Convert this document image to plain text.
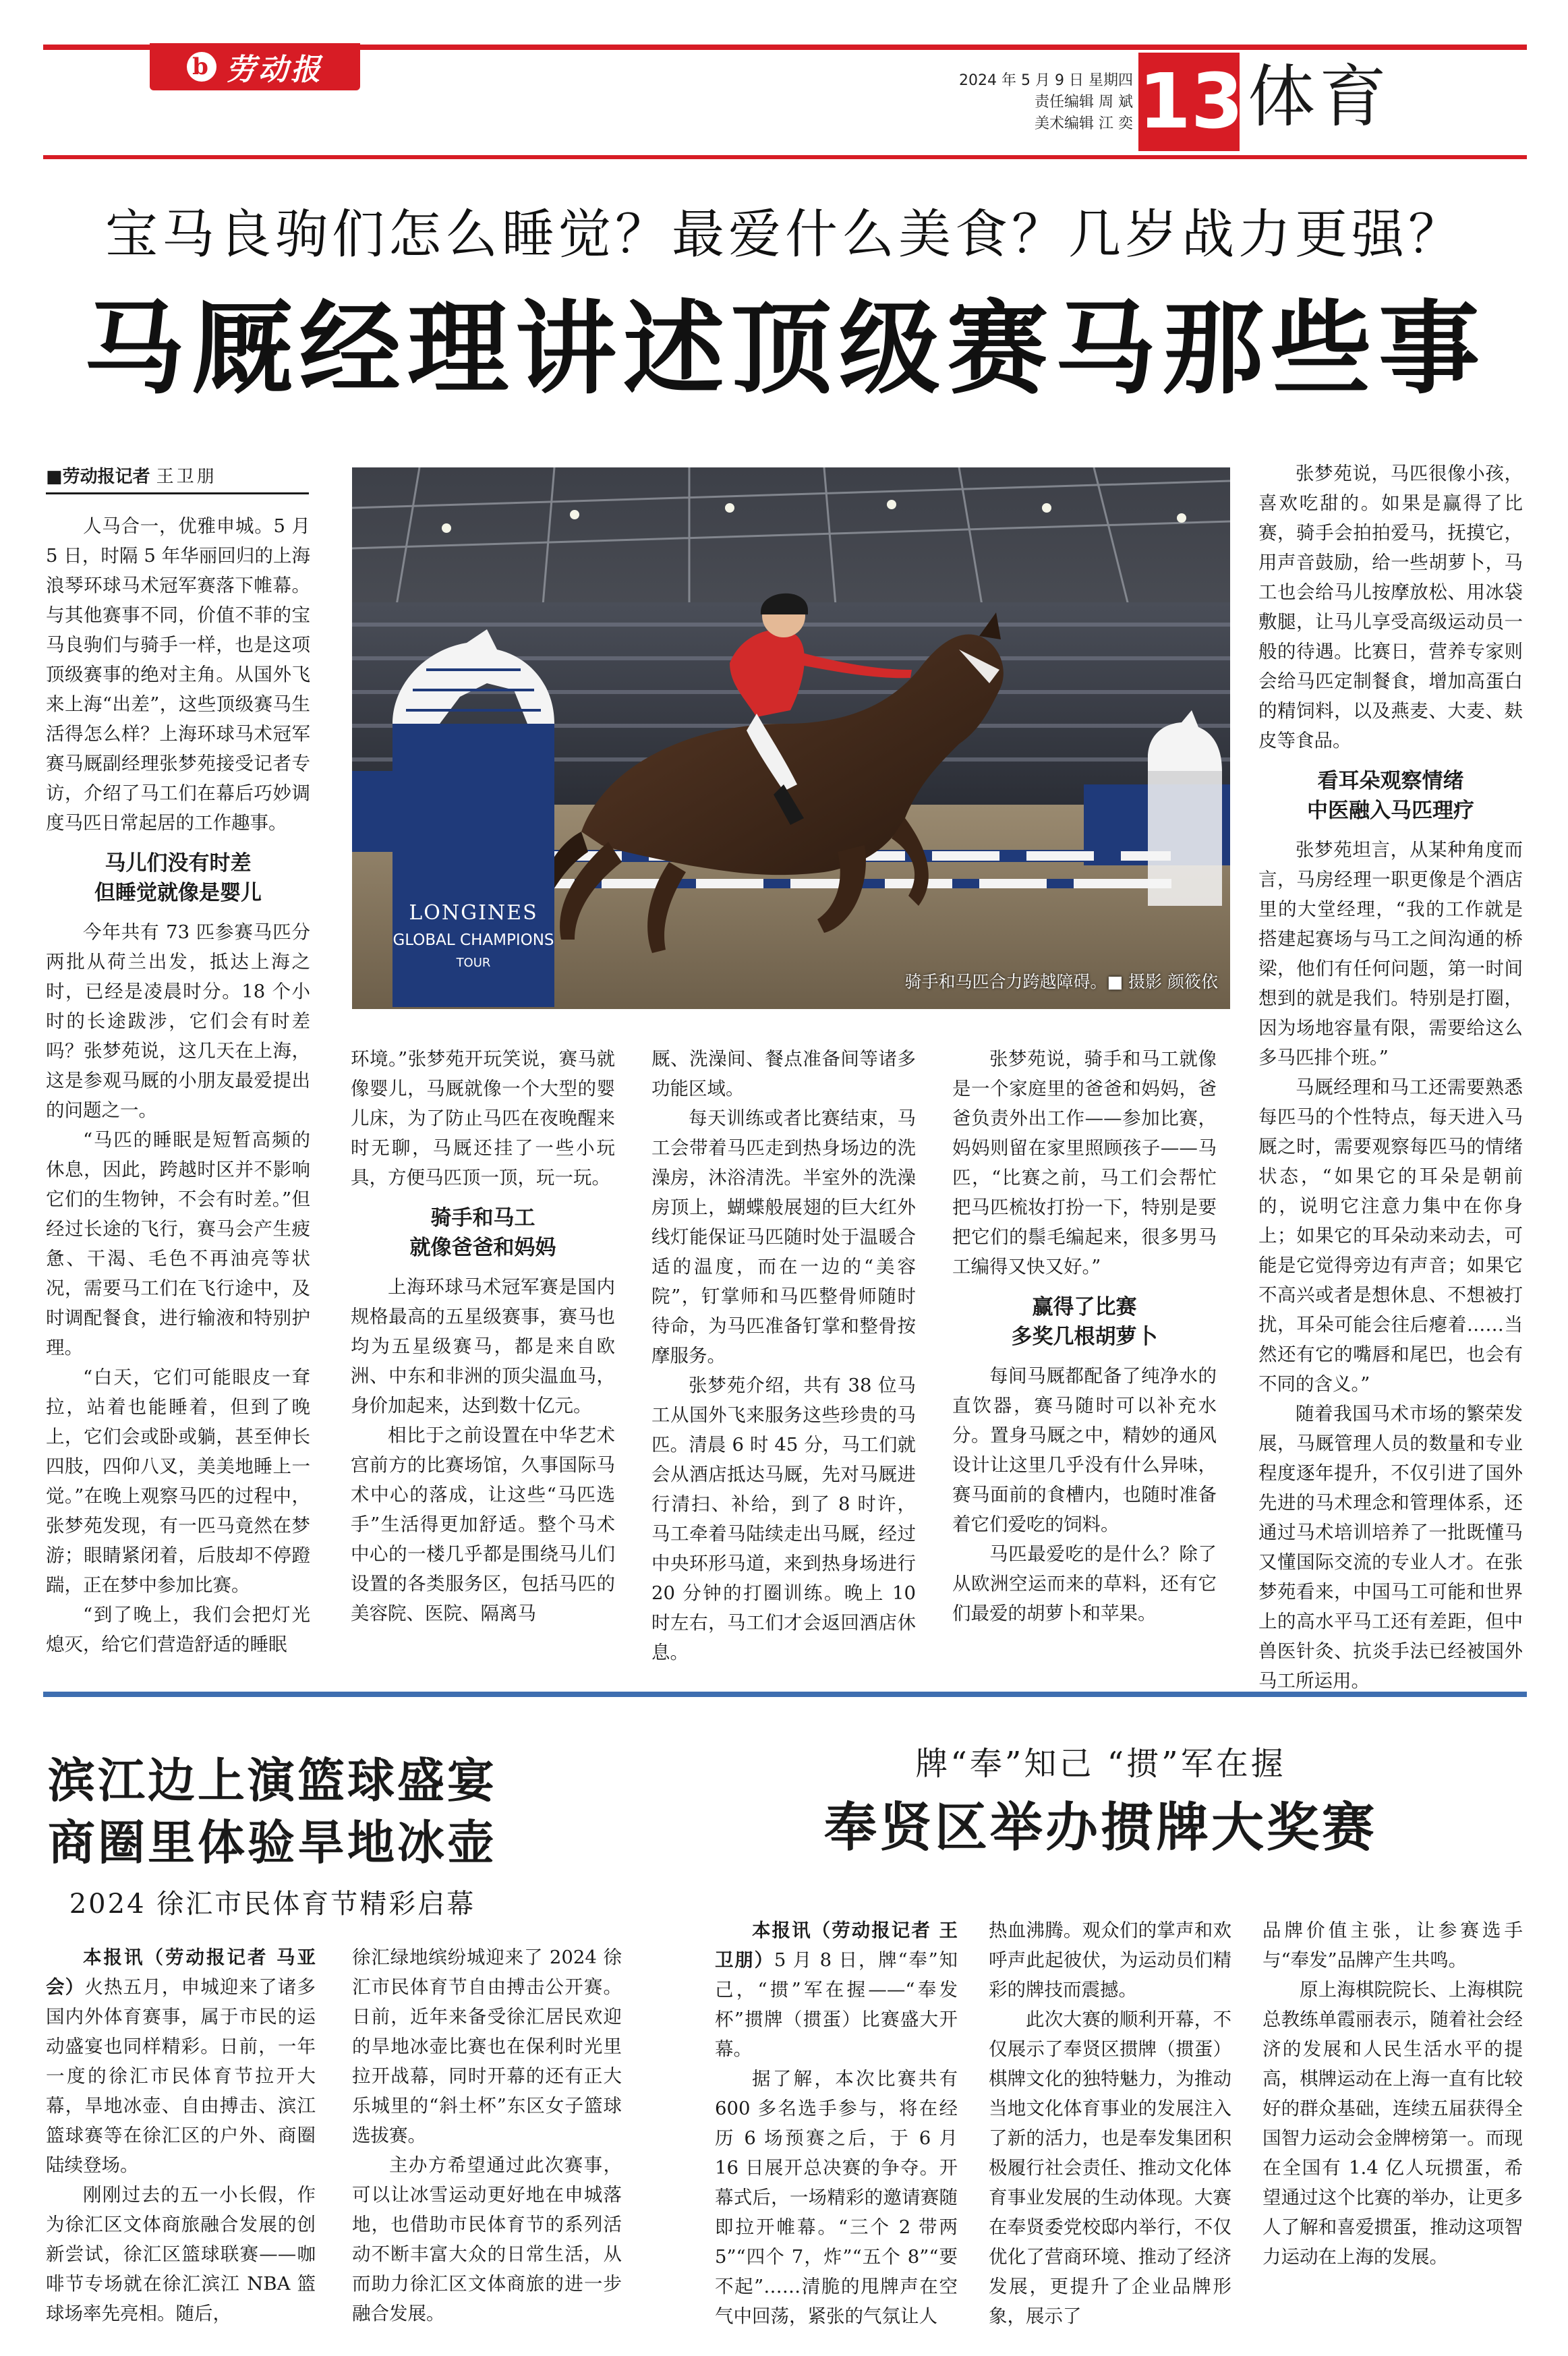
b 劳动报	2024 年 5 月 9 日 星期四
责任编辑 周 斌
美术编辑 江 奕 13 体育
宝马良驹们怎么睡觉？最爱什么美食？几岁战力更强？
马厩经理讲述顶级赛马那些事
■劳动报记者 王卫朋
LONGINES
GLOBAL CHAMPIONS
TOUR
骑手和马匹合力跨越障碍。■ 摄影 颜筱依

人马合一，优雅申城。5 月 5 日，时隔 5 年华丽回归的上海浪琴环球马术冠军赛落下帷幕。与其他赛事不同，价值不菲的宝马良驹们与骑手一样，也是这项顶级赛事的绝对主角。从国外飞来上海“出差”，这些顶级赛马生活得怎么样？上海环球马术冠军赛马厩副经理张梦苑接受记者专访，介绍了马工们在幕后巧妙调度马匹日常起居的工作趣事。

马儿们没有时差
但睡觉就像是婴儿

今年共有 73 匹参赛马匹分两批从荷兰出发，抵达上海之时，已经是凌晨时分。18 个小时的长途跋涉，它们会有时差吗？张梦苑说，这几天在上海，这是参观马厩的小朋友最爱提出的问题之一。

“马匹的睡眠是短暂高频的休息，因此，跨越时区并不影响它们的生物钟，不会有时差。”但经过长途的飞行，赛马会产生疲惫、干渴、毛色不再油亮等状况，需要马工们在飞行途中，及时调配餐食，进行输液和特别护理。

“白天，它们可能眼皮一耷拉，站着也能睡着，但到了晚上，它们会或卧或躺，甚至伸长四肢，四仰八叉，美美地睡上一觉。”在晚上观察马匹的过程中，张梦苑发现，有一匹马竟然在梦游；眼睛紧闭着，后肢却不停蹬踹，正在梦中参加比赛。

“到了晚上，我们会把灯光熄灭，给它们营造舒适的睡眠

环境。”张梦苑开玩笑说，赛马就像婴儿，马厩就像一个大型的婴儿床，为了防止马匹在夜晚醒来时无聊，马厩还挂了一些小玩具，方便马匹顶一顶，玩一玩。

骑手和马工
就像爸爸和妈妈

上海环球马术冠军赛是国内规格最高的五星级赛事，赛马也均为五星级赛马，都是来自欧洲、中东和非洲的顶尖温血马，身价加起来，达到数十亿元。

相比于之前设置在中华艺术宫前方的比赛场馆，久事国际马术中心的落成，让这些“马匹选手”生活得更加舒适。整个马术中心的一楼几乎都是围绕马儿们设置的各类服务区，包括马匹的美容院、医院、隔离马

厩、洗澡间、餐点准备间等诸多功能区域。

每天训练或者比赛结束，马工会带着马匹走到热身场边的洗澡房，沐浴清洗。半室外的洗澡房顶上，蝴蝶般展翅的巨大红外线灯能保证马匹随时处于温暖合适的温度，而在一边的“美容院”，钉掌师和马匹整骨师随时待命，为马匹准备钉掌和整骨按摩服务。

张梦苑介绍，共有 38 位马工从国外飞来服务这些珍贵的马匹。清晨 6 时 45 分，马工们就会从酒店抵达马厩，先对马厩进行清扫、补给，到了 8 时许，马工牵着马陆续走出马厩，经过中央环形马道，来到热身场进行 20 分钟的打圈训练。晚上 10 时左右，马工们才会返回酒店休息。

张梦苑说，骑手和马工就像是一个家庭里的爸爸和妈妈，爸爸负责外出工作——参加比赛，妈妈则留在家里照顾孩子——马匹，“比赛之前，马工们会帮忙把马匹梳妆打扮一下，特别是要把它们的鬃毛编起来，很多男马工编得又快又好。”

赢得了比赛
多奖几根胡萝卜

每间马厩都配备了纯净水的直饮器，赛马随时可以补充水分。置身马厩之中，精妙的通风设计让这里几乎没有什么异味，赛马面前的食槽内，也随时准备着它们爱吃的饲料。

马匹最爱吃的是什么？除了从欧洲空运而来的草料，还有它们最爱的胡萝卜和苹果。

张梦苑说，马匹很像小孩，喜欢吃甜的。如果是赢得了比赛，骑手会拍拍爱马，抚摸它，用声音鼓励，给一些胡萝卜，马工也会给马儿按摩放松、用冰袋敷腿，让马儿享受高级运动员一般的待遇。比赛日，营养专家则会给马匹定制餐食，增加高蛋白的精饲料，以及燕麦、大麦、麸皮等食品。

看耳朵观察情绪
中医融入马匹理疗

张梦苑坦言，从某种角度而言，马房经理一职更像是个酒店里的大堂经理，“我的工作就是搭建起赛场与马工之间沟通的桥梁，他们有任何问题，第一时间想到的就是我们。特别是打圈，因为场地容量有限，需要给这么多马匹排个班。”

马厩经理和马工还需要熟悉每匹马的个性特点，每天进入马厩之时，需要观察每匹马的情绪状态，“如果它的耳朵是朝前的，说明它注意力集中在你身上；如果它的耳朵动来动去，可能是它觉得旁边有声音；如果它不高兴或者是想休息、不想被打扰，耳朵可能会往后瘪着……当然还有它的嘴唇和尾巴，也会有不同的含义。”

随着我国马术市场的繁荣发展，马厩管理人员的数量和专业程度逐年提升，不仅引进了国外先进的马术理念和管理体系，还通过马术培训培养了一批既懂马又懂国际交流的专业人才。在张梦苑看来，中国马工可能和世界上的高水平马工还有差距，但中兽医针灸、抗炎手法已经被国外马工所运用。

滨江边上演篮球盛宴
商圈里体验旱地冰壶
2024 徐汇市民体育节精彩启幕

本报讯（劳动报记者 马亚会）火热五月，申城迎来了诸多国内外体育赛事，属于市民的运动盛宴也同样精彩。日前，一年一度的徐汇市民体育节拉开大幕，旱地冰壶、自由搏击、滨江篮球赛等在徐汇区的户外、商圈陆续登场。

刚刚过去的五一小长假，作为徐汇区文体商旅融合发展的创新尝试，徐汇区篮球联赛——咖啡节专场就在徐汇滨江 NBA 篮球场率先亮相。随后，

徐汇绿地缤纷城迎来了 2024 徐汇市民体育节自由搏击公开赛。日前，近年来备受徐汇居民欢迎的旱地冰壶比赛也在保利时光里拉开战幕，同时开幕的还有正大乐城里的“斜土杯”东区女子篮球选拔赛。

主办方希望通过此次赛事，可以让冰雪运动更好地在申城落地，也借助市民体育节的系列活动不断丰富大众的日常生活，从而助力徐汇区文体商旅的进一步融合发展。

牌“奉”知己 “掼”军在握
奉贤区举办掼牌大奖赛

本报讯（劳动报记者 王卫朋）5 月 8 日，牌“奉”知己，“掼”军在握——“奉发杯”掼牌（掼蛋）比赛盛大开幕。

据了解，本次比赛共有 600 多名选手参与，将在经历 6 场预赛之后，于 6 月 16 日展开总决赛的争夺。开幕式后，一场精彩的邀请赛随即拉开帷幕。“三个 2 带两 5”“四个 7，炸”“五个 8”“要不起”……清脆的甩牌声在空气中回荡，紧张的气氛让人

热血沸腾。观众们的掌声和欢呼声此起彼伏，为运动员们精彩的牌技而震撼。

此次大赛的顺利开幕，不仅展示了奉贤区掼牌（掼蛋）棋牌文化的独特魅力，为推动当地文化体育事业的发展注入了新的活力，也是奉发集团积极履行社会责任、推动文化体育事业发展的生动体现。大赛在奉贤委党校邸内举行，不仅优化了营商环境、推动了经济发展，更提升了企业品牌形象，展示了

品牌价值主张，让参赛选手与“奉发”品牌产生共鸣。

原上海棋院院长、上海棋院总教练单霞丽表示，随着社会经济的发展和人民生活水平的提高，棋牌运动在上海一直有比较好的群众基础，连续五届获得全国智力运动会金牌榜第一。而现在全国有 1.4 亿人玩掼蛋，希望通过这个比赛的举办，让更多人了解和喜爱掼蛋，推动这项智力运动在上海的发展。
